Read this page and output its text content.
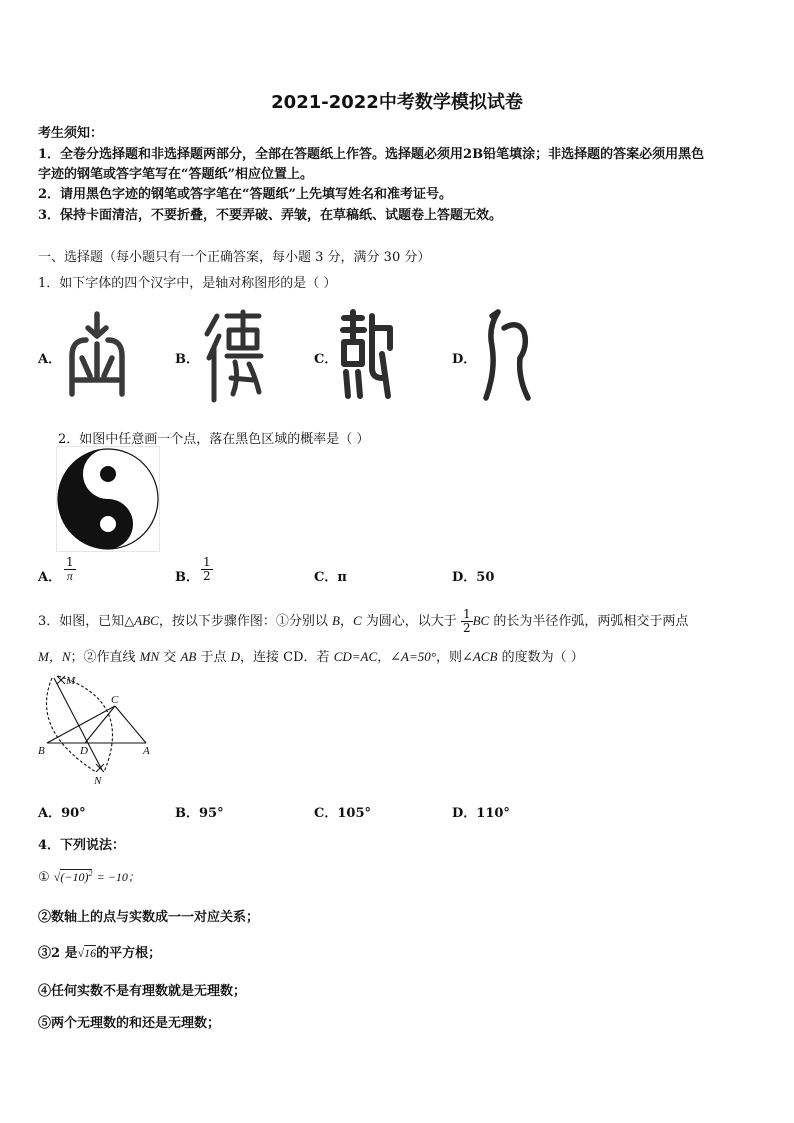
2021-2022中考数学模拟试卷
考生须知：
1．全卷分选择题和非选择题两部分，全部在答题纸上作答。选择题必须用2B铅笔填涂；非选择题的答案必须用黑色
字迹的钢笔或答字笔写在“答题纸”相应位置上。
2．请用黑色字迹的钢笔或答字笔在“答题纸”上先填写姓名和准考证号。
3．保持卡面清洁，不要折叠，不要弄破、弄皱，在草稿纸、试题卷上答题无效。
一、选择题（每小题只有一个正确答案，每小题 3 分，满分 30 分）
1．如下字体的四个汉字中，是轴对称图形的是（ ）
A．	B．	C．	D．
2．如图中任意画一个点，落在黑色区域的概率是（ ）
A． $\frac{1}{\pi}$	B． $\frac{1}{2}$	C．π	D．50
3．如图，已知△ABC，按以下步骤作图：①分别以 B，C 为圆心，以大于 $\frac{1}{2}$ BC 的长为半径作弧，两弧相交于两点
M，N；②作直线 MN 交 AB 于点 D，连接 CD．若 CD=AC，∠A=50°，则∠ACB 的度数为（ ）
M
C
B	D	A
N
A．90°	B．95°	C．105°	D．110°
4．下列说法：
① $√(-10)^2 = -10$；
②数轴上的点与实数成一一对应关系；
③2 是√16的平方根；
④任何实数不是有理数就是无理数；
⑤两个无理数的和还是无理数；
